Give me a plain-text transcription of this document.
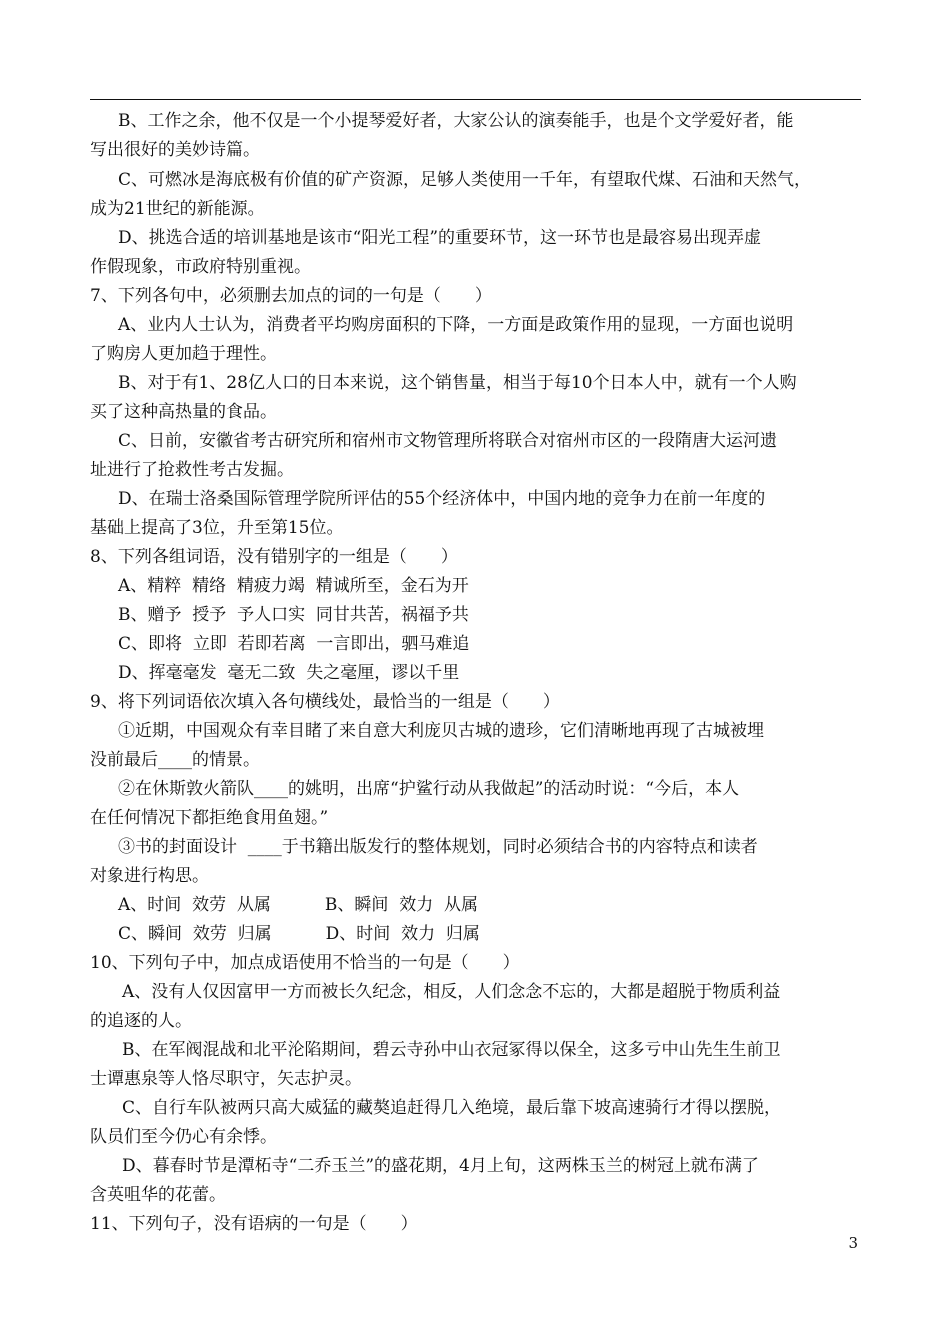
B、工作之余，他不仅是一个小提琴爱好者，大家公认的演奏能手，也是个文学爱好者，能

写出很好的美妙诗篇。

C、可燃冰是海底极有价值的矿产资源，足够人类使用一千年，有望取代煤、石油和天然气，

成为21世纪的新能源。

D、挑选合适的培训基地是该市“阳光工程”的重要环节，这一环节也是最容易出现弄虚

作假现象，市政府特别重视。

7、下列各句中，必须删去加点的词的一句是（　　）

A、业内人士认为，消费者平均购房面积的下降，一方面是政策作用的显现，一方面也说明

了购房人更加趋于理性。

B、对于有1、28亿人口的日本来说，这个销售量，相当于每10个日本人中，就有一个人购

买了这种高热量的食品。

C、日前，安徽省考古研究所和宿州市文物管理所将联合对宿州市区的一段隋唐大运河遗

址进行了抢救性考古发掘。

D、在瑞士洛桑国际管理学院所评估的55个经济体中，中国内地的竞争力在前一年度的

基础上提高了3位，升至第15位。

8、下列各组词语，没有错别字的一组是（　　）

A、精粹  精络  精疲力竭  精诚所至，金石为开

B、赠予  授予  予人口实  同甘共苦，祸福予共

C、即将  立即  若即若离  一言即出，驷马难追

D、挥毫毫发  毫无二致  失之毫厘，谬以千里

9、将下列词语依次填入各句横线处，最恰当的一组是（　　）

①近期，中国观众有幸目睹了来自意大利庞贝古城的遗珍，它们清晰地再现了古城被埋

没前最后____的情景。

②在休斯敦火箭队____的姚明，出席“护鲨行动从我做起”的活动时说：“今后，本人

在任何情况下都拒绝食用鱼翅。”

③书的封面设计  ____于书籍出版发行的整体规划，同时必须结合书的内容特点和读者

对象进行构思。

A、时间  效劳  从属          B、瞬间  效力  从属

C、瞬间  效劳  归属          D、时间  效力  归属

10、下列句子中，加点成语使用不恰当的一句是（　　）

A、没有人仅因富甲一方而被长久纪念，相反，人们念念不忘的，大都是超脱于物质利益

的追逐的人。

B、在军阀混战和北平沦陷期间，碧云寺孙中山衣冠冢得以保全，这多亏中山先生生前卫

士谭惠泉等人恪尽职守，矢志护灵。

C、自行车队被两只高大威猛的藏獒追赶得几入绝境，最后靠下坡高速骑行才得以摆脱，

队员们至今仍心有余悸。

D、暮春时节是潭柘寺“二乔玉兰”的盛花期，4月上旬，这两株玉兰的树冠上就布满了

含英咀华的花蕾。

11、下列句子，没有语病的一句是（　　）

3
